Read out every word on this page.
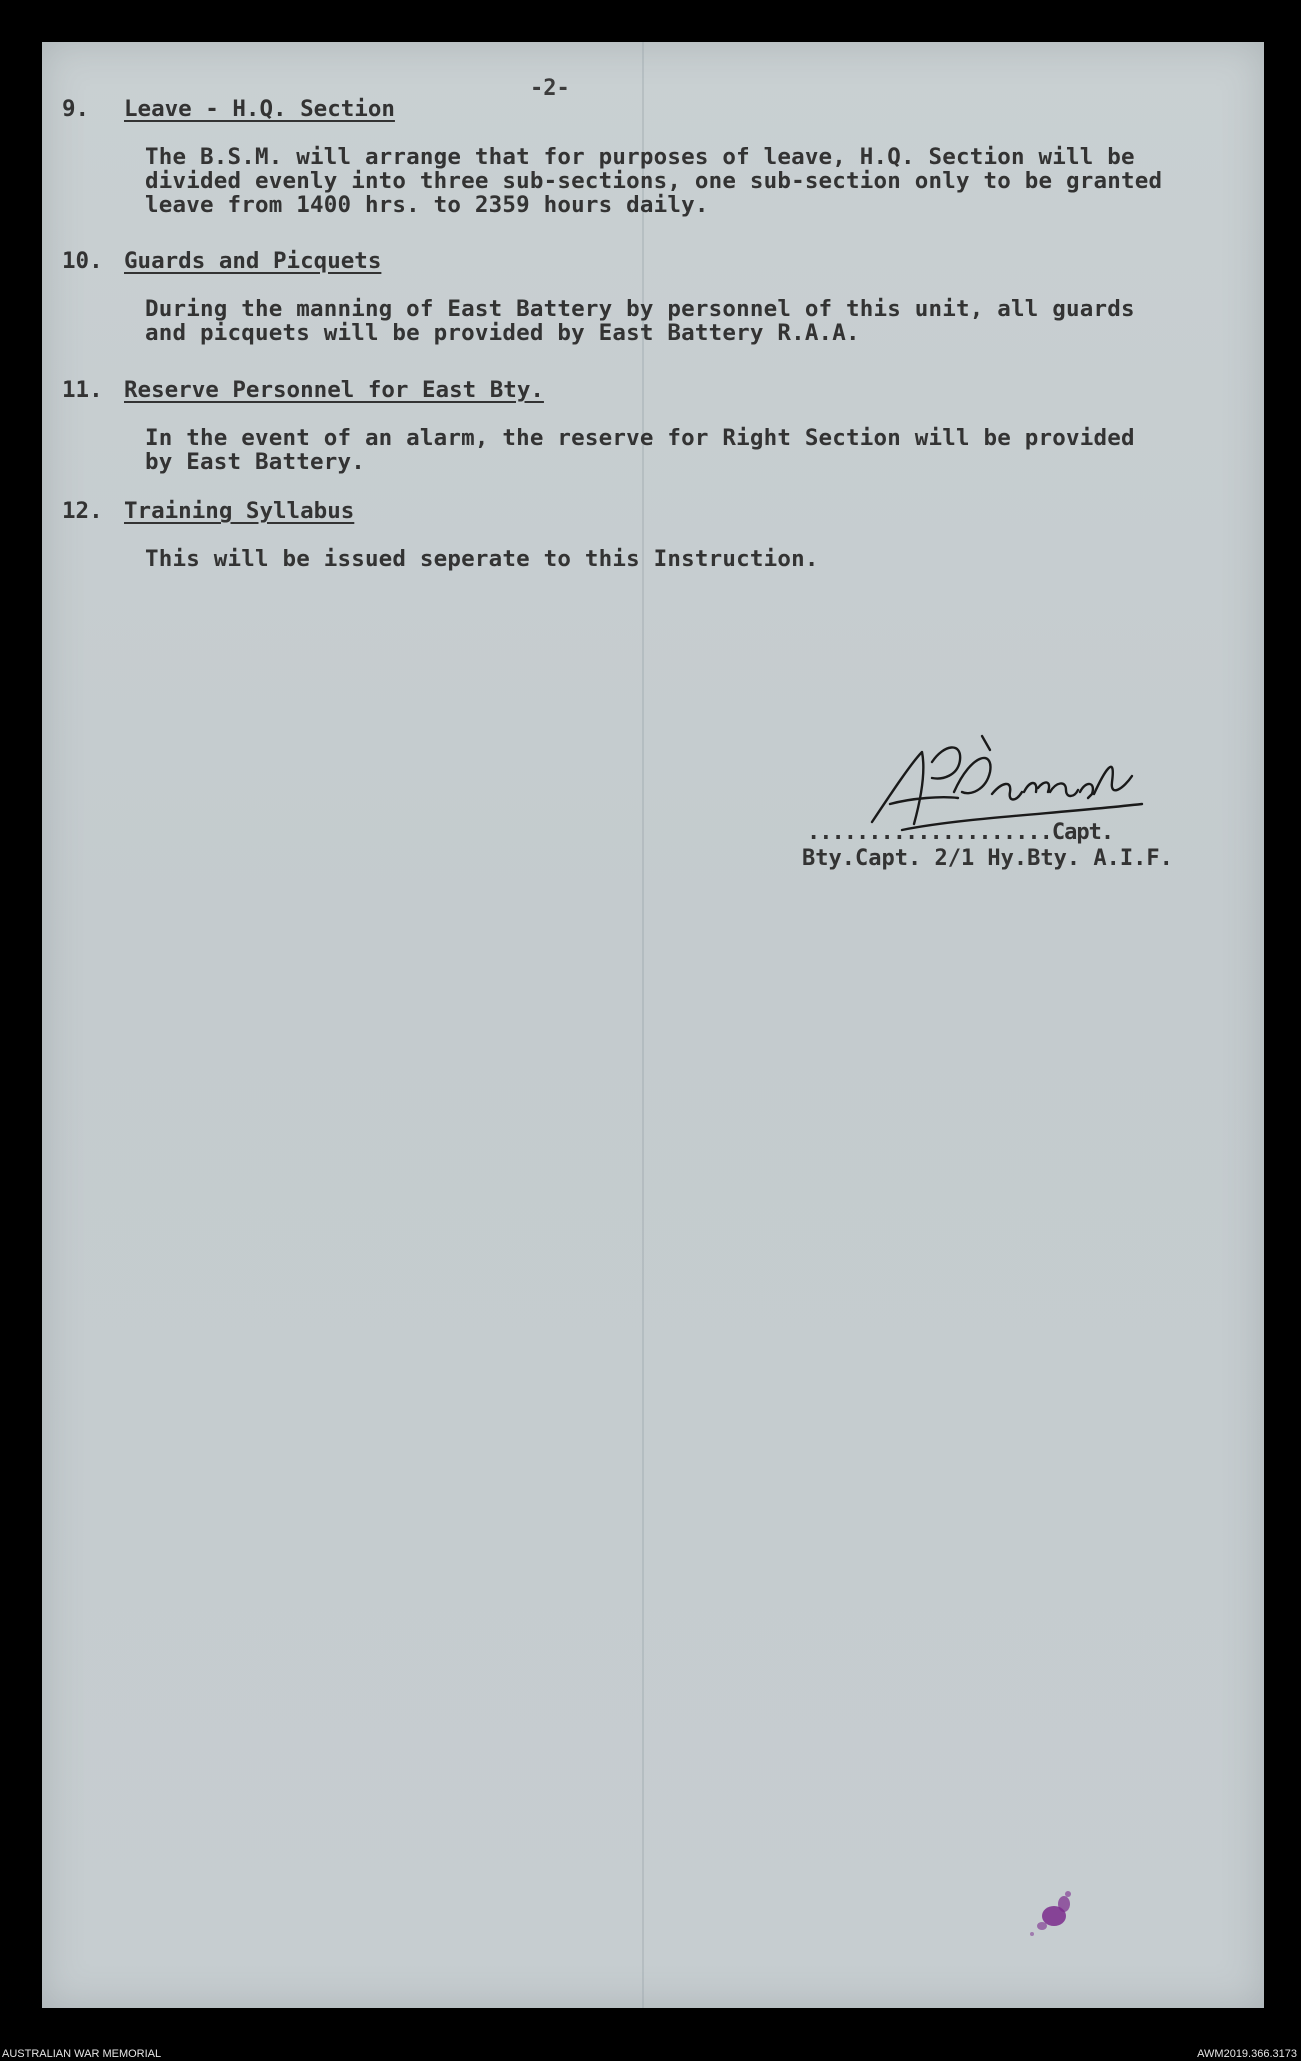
-2-
9.	Leave - H.Q. Section
The B.S.M. will arrange that for purposes of leave, H.Q. Section will be
divided evenly into three sub-sections, one sub-section only to be granted
leave from 1400 hrs. to 2359 hours daily.
10. Guards and Picquets
During the manning of East Battery by personnel of this unit, all guards
and picquets will be provided by East Battery R.A.A.
11. Reserve Personnel for East Bty.
In the event of an alarm, the reserve for Right Section will be provided
by East Battery.
12. Training Syllabus
This will be issued seperate to this Instruction.
....................Capt.
Bty.Capt. 2/1 Hy.Bty. A.I.F.
AUSTRALIAN WAR MEMORIAL	AWM2019.366.3173
